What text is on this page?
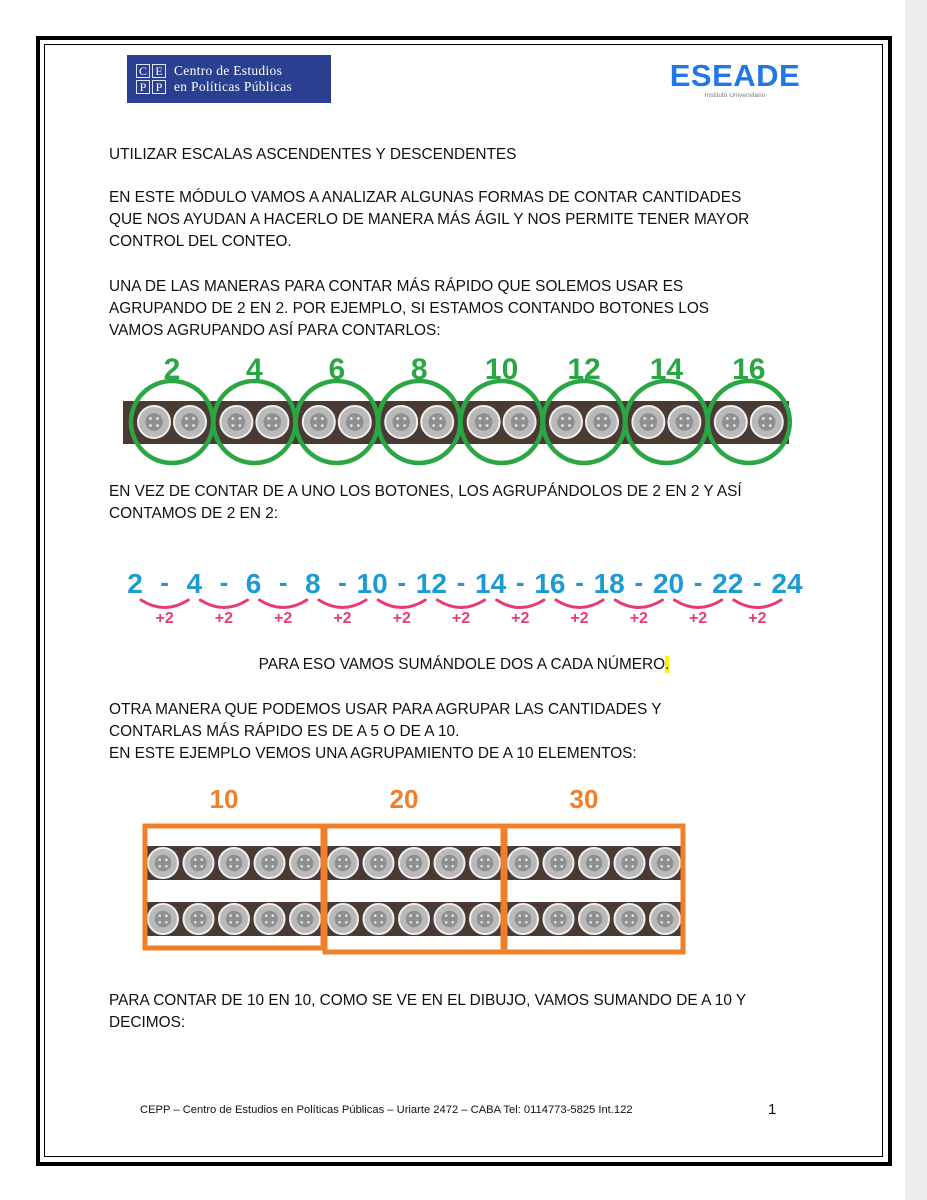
C E
P P
Centro de Estudios
en Políticas Públicas	ESEADE
Instituto Universitario
UTILIZAR ESCALAS ASCENDENTES Y DESCENDENTES
EN ESTE MÓDULO VAMOS A ANALIZAR ALGUNAS FORMAS DE CONTAR CANTIDADES
QUE NOS AYUDAN A HACERLO DE MANERA MÁS ÁGIL Y NOS PERMITE TENER MAYOR
CONTROL DEL CONTEO.
UNA DE LAS MANERAS PARA CONTAR MÁS RÁPIDO QUE SOLEMOS USAR ES
AGRUPANDO DE 2 EN 2. POR EJEMPLO, SI ESTAMOS CONTANDO BOTONES LOS
VAMOS AGRUPANDO ASÍ PARA CONTARLOS:
2 4 6 8 10 12 14 16
EN VEZ DE CONTAR DE A UNO LOS BOTONES, LOS AGRUPÁNDOLOS DE 2 EN 2 Y ASÍ
CONTAMOS DE 2 EN 2:
2 - 4 - 6 - 8 - 10 - 12 - 14 - 16 - 18 - 20 - 22 - 24
+2	+2	+2	+2	+2	+2	+2	+2	+2	+2	+2
PARA ESO VAMOS SUMÁNDOLE DOS A CADA NÚMERO.
OTRA MANERA QUE PODEMOS USAR PARA AGRUPAR LAS CANTIDADES Y
CONTARLAS MÁS RÁPIDO ES DE A 5 O DE A 10.
EN ESTE EJEMPLO VEMOS UNA AGRUPAMIENTO DE A 10 ELEMENTOS:
10	20	30
PARA CONTAR DE 10 EN 10, COMO SE VE EN EL DIBUJO, VAMOS SUMANDO DE A 10 Y
DECIMOS:
CEPP – Centro de Estudios en Políticas Públicas – Uriarte 2472 – CABA Tel: 0114773-5825 Int.122	1
